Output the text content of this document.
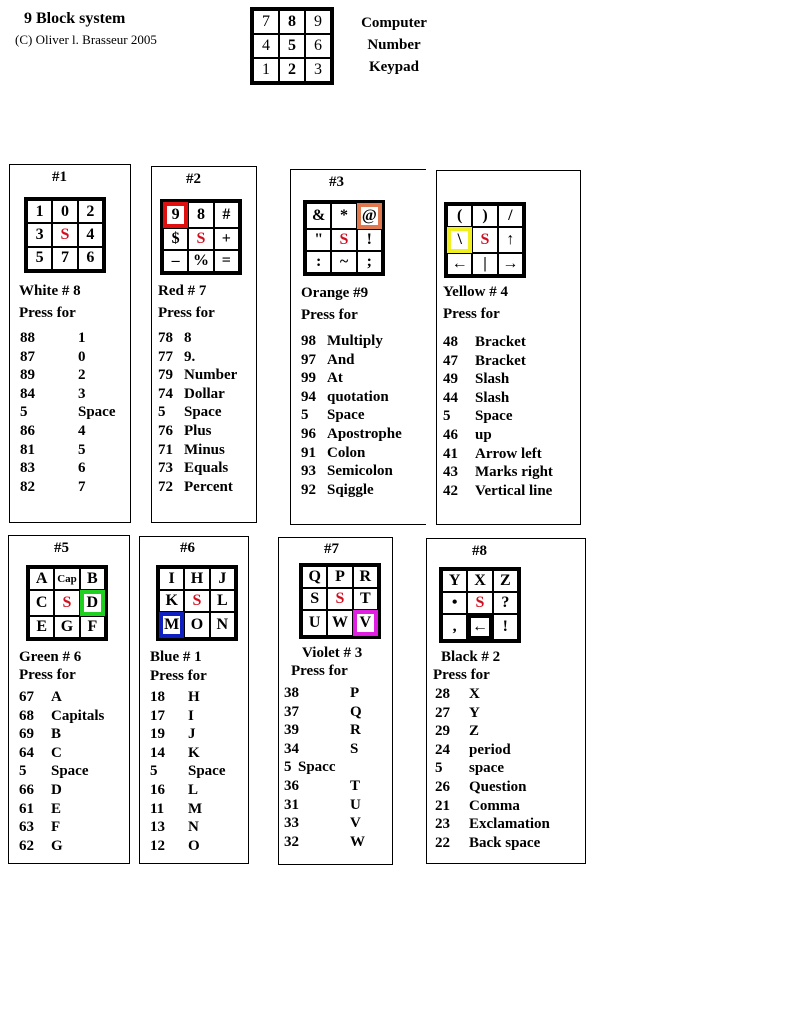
9 Block system
(C) Oliver l. Brasseur 2005
7	8	9
4	5	6
1	2	3
Computer
Number
Keypad
#1
1	0	2
3	S	4
5	7	6
White # 8
Press for
88	1
87	0
89	2
84	3
5	Space
86	4
81	5
83	6
82	7
#2
9	8	#
$	S	+
– % =
Red # 7
Press for
78 8
77 9.
79 Number
74 Dollar
5	Space
76 Plus
71 Minus
73 Equals
72 Percent
#3
& * @
"	S	!
:	~	;
Orange #9
Press for
98 Multiply
97 And
99 At
94 quotation
5	Space
96 Apostrophe
91 Colon
93 Semicolon
92 Sqiggle
(	)	/
\	S	↑
← | →
Yellow # 4
Press for
48	Bracket
47	Bracket
49	Slash
44	Slash
5	Space
46	up
41	Arrow left
43	Marks right
42	Vertical line
#5
A Cap B
C S D
E G F
Green # 6
Press for
67	A
68	Capitals
69	B
64	C
5	Space
66	D
61	E
63	F
62	G
#6
I H J
K S L
M O N
Blue # 1
Press for
18	H
17	I
19	J
14	K
5	Space
16	L
11	M
13	N
12	O
#7
Q P R
S	S T
U W V
Violet # 3
Press for
38	P
37	Q
39	R
34	S
5 Spacc
36	T
31	U
33	V
32	W
#8
Y X Z
•	S	?
, ← !
Black # 2
Press for
28	X
27	Y
29	Z
24	period
5	space
26	Question
21	Comma
23	Exclamation
22	Back space
